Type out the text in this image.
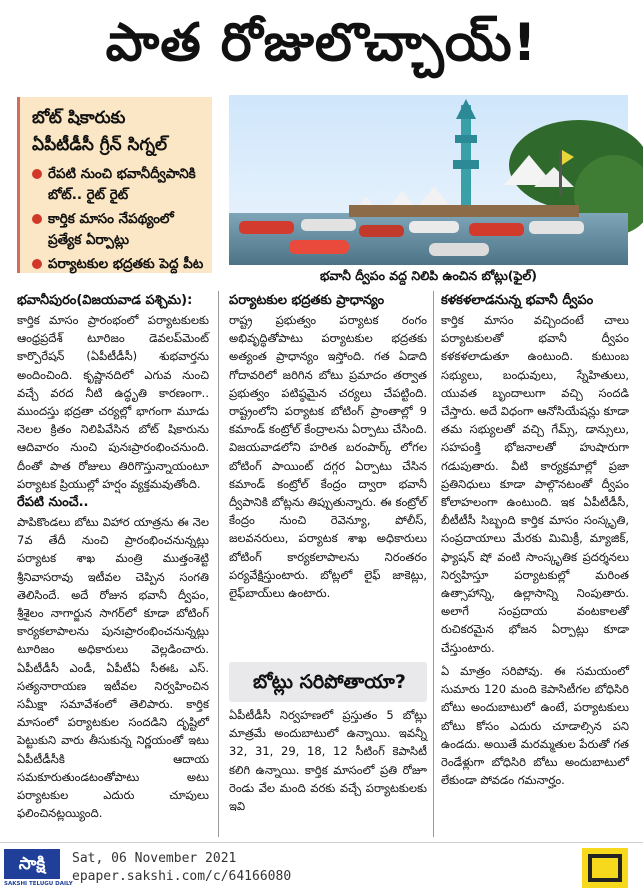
పాత రోజులొచ్చాయ్!
బోట్ షికారుకు
ఏపీటీడీసీ గ్రీన్ సిగ్నల్
రేపటి నుంచి భవానీద్వీపానికి బోట్.. రైట్ రైట్
కార్తిక మాసం నేపథ్యంలో ప్రత్యేక ఏర్పాట్లు
పర్యాటకుల భద్రతకు పెద్ద పీట
భవానీ ద్వీపం వద్ద నిలిపి ఉంచిన బోట్లు(ఫైల్)

భవానీపురం(విజయవాడ పశ్చిమ):

కార్తిక మాసం ప్రారంభంలో పర్యాటకులకు ఆంధ్రప్రదేశ్ టూరిజం డెవలప్‌మెంట్ కార్పొరేషన్ (ఏపీటీడీసీ) శుభవార్తను అందించింది. కృష్ణానదిలో ఎగువ నుంచి వచ్చే వరద నీటి ఉద్ధృతి కారణంగా.. ముందస్తు భద్రతా చర్యల్లో భాగంగా మూడు నెలల క్రితం నిలిపివేసిన బోట్ షికారును ఆదివారం నుంచి పునఃప్రారంభించనుంది. దీంతో పాత రోజులు తిరిగొస్తున్నాయంటూ పర్యాటక ప్రియుల్లో హర్షం వ్యక్తమవుతోంది.

రేపటి నుంచే..

పాపికొండలు బోటు విహార యాత్రను ఈ నెల 7వ తేదీ నుంచి ప్రారంభించనున్నట్లు పర్యాటక శాఖ మంత్రి ముత్తంశెట్టి శ్రీనివాసరావు ఇటీవల చెప్పిన సంగతి తెలిసిందే. అదే రోజున భవానీ ద్వీపం, శ్రీశైలం నాగార్జున సాగర్‌లో కూడా బోటింగ్ కార్యకలాపాలను పునఃప్రారంభించనున్నట్లు టూరిజం అధికారులు వెల్లడించారు. ఏపీటీడీసీ ఎండీ, ఏపీటీఏ సీఈఓ ఎస్. సత్యనారాయణ ఇటీవల నిర్వహించిన సమీక్షా సమావేశంలో తెలిపారు. కార్తిక మాసంలో పర్యాటకుల సందడిని దృష్టిలో పెట్టుకుని వారు తీసుకున్న నిర్ణయంతో ఇటు ఏపీటీడీసీకి ఆదాయ సమకూరుతుండటంతోపాటు అటు పర్యాటకుల ఎదురు చూపులు ఫలించినట్లయ్యింది.

పర్యాటకుల భద్రతకు ప్రాధాన్యం

రాష్ట్ర ప్రభుత్వం పర్యాటక రంగం అభివృద్ధితోపాటు పర్యాటకుల భద్రతకు అత్యంత ప్రాధాన్యం ఇస్తోంది. గత ఏడాది గోదావరిలో జరిగిన బోటు ప్రమాదం తర్వాత ప్రభుత్వం పటిష్ఠమైన చర్యలు చేపట్టింది. రాష్ట్రంలోని పర్యాటక బోటింగ్ ప్రాంతాల్లో 9 కమాండ్ కంట్రోల్ కేంద్రాలను ఏర్పాటు చేసింది. విజయవాడలోని హరిత బరంపార్క్ లోగల బోటింగ్ పాయింట్ దగ్గర ఏర్పాటు చేసిన కమాండ్ కంట్రోల్ కేంద్రం ద్వారా భవానీ ద్వీపానికి బోట్లను తిప్పుతున్నారు. ఈ కంట్రోల్ కేంద్రం నుంచి రెవెన్యూ, పోలీస్, జలవనరులు, పర్యాటక శాఖ అధికారులు బోటింగ్ కార్యకలాపాలను నిరంతరం పర్యవేక్షిస్తుంటారు. బోట్లలో లైఫ్ జాకెట్లు, లైఫ్‌బాయ్‌లు ఉంటారు.

కళకళలాడనున్న భవానీ ద్వీపం

కార్తిక మాసం వచ్చిందంటే చాలు పర్యాటకులతో భవానీ ద్వీపం కళకళలాడుతూ ఉంటుంది. కుటుంబ సభ్యులు, బంధువులు, స్నేహితులు, యువత బృందాలుగా వచ్చి సందడి చేస్తారు. అదే విధంగా ఆనోసియేషన్లు కూడా తమ సభ్యులతో వచ్చి గేమ్స్, డాన్సులు, సహపంక్తి భోజనాలతో హుషారుగా గడుపుతారు. వీటి కార్యక్రమాల్లో ప్రజా ప్రతినిధులు కూడా పాల్గొనటంతో ద్వీపం కోలాహలంగా ఉంటుంది. ఇక ఏపీటీడీసీ, బీటీటీసీ సిబ్బంది కార్తిక మాసం సంస్కృతి, సంప్రదాయాలు మేరకు మిమిక్రీ, మ్యాజిక్, ఫ్యాషన్ షో వంటి సాంస్కృతిక ప్రదర్శనలు నిర్వహిస్తూ పర్యాటకుల్లో మరింత ఉత్సాహాన్ని, ఉల్లాసాన్ని నింపుతారు. అలాగే సంప్రదాయ వంటకాలతో రుచికరమైన భోజన ఏర్పాట్లు కూడా చేస్తుంటారు.

బోట్లు సరిపోతాయా?

ఏపీటీడీసీ నిర్వహణలో ప్రస్తుతం 5 బోట్లు మాత్రమే అందుబాటులో ఉన్నాయి. ఇవన్నీ 32, 31, 29, 18, 12 సీటింగ్ కెపాసిటీ కలిగి ఉన్నాయి. కార్తిక మాసంలో ప్రతి రోజూ రెండు వేల మంది వరకు వచ్చే పర్యాటకులకు ఇవి

ఏ మాత్రం సరిపోవు. ఈ సమయంలో సుమారు 120 మంది కెపాసిటీగల బోధిసిరి బోటు అందుబాటులో ఉంటే, పర్యాటకులు బోటు కోసం ఎదురు చూడాల్సిన పని ఉండదు. అయితే మరమ్మతుల పేరుతో గత రెండేళ్లుగా బోధిసిరి బోటు అందుబాటులో లేకుండా పోవడం గమనార్హం.

సాక్షి
SAKSHI TELUGU DAILY
Sat, 06 November 2021
epaper.sakshi.com/c/64166080
